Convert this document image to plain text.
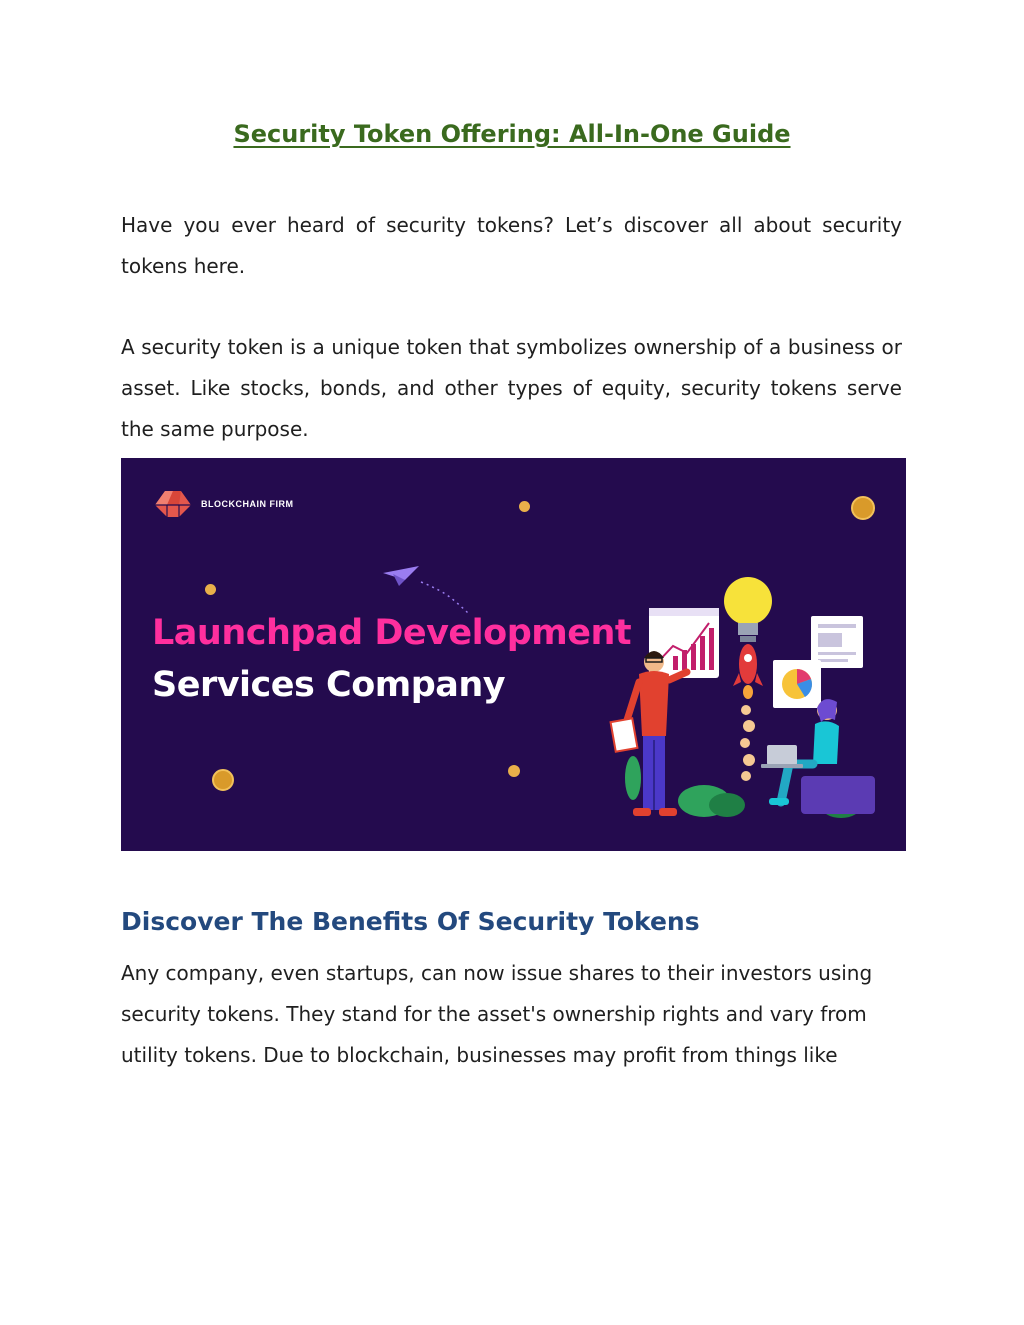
Security Token Offering: All-In-One Guide

Have you ever heard of security tokens? Let’s discover all about security tokens here.

A security token is a unique token that symbolizes ownership of a business or asset. Like stocks, bonds, and other types of equity, security tokens serve the same purpose.

BLOCKCHAIN FIRM
Launchpad Development
Services Company
Discover The Benefits Of Security Tokens

Any company, even startups, can now issue shares to their investors using security tokens. They stand for the asset's ownership rights and vary from utility tokens. Due to blockchain, businesses may profit from things like
